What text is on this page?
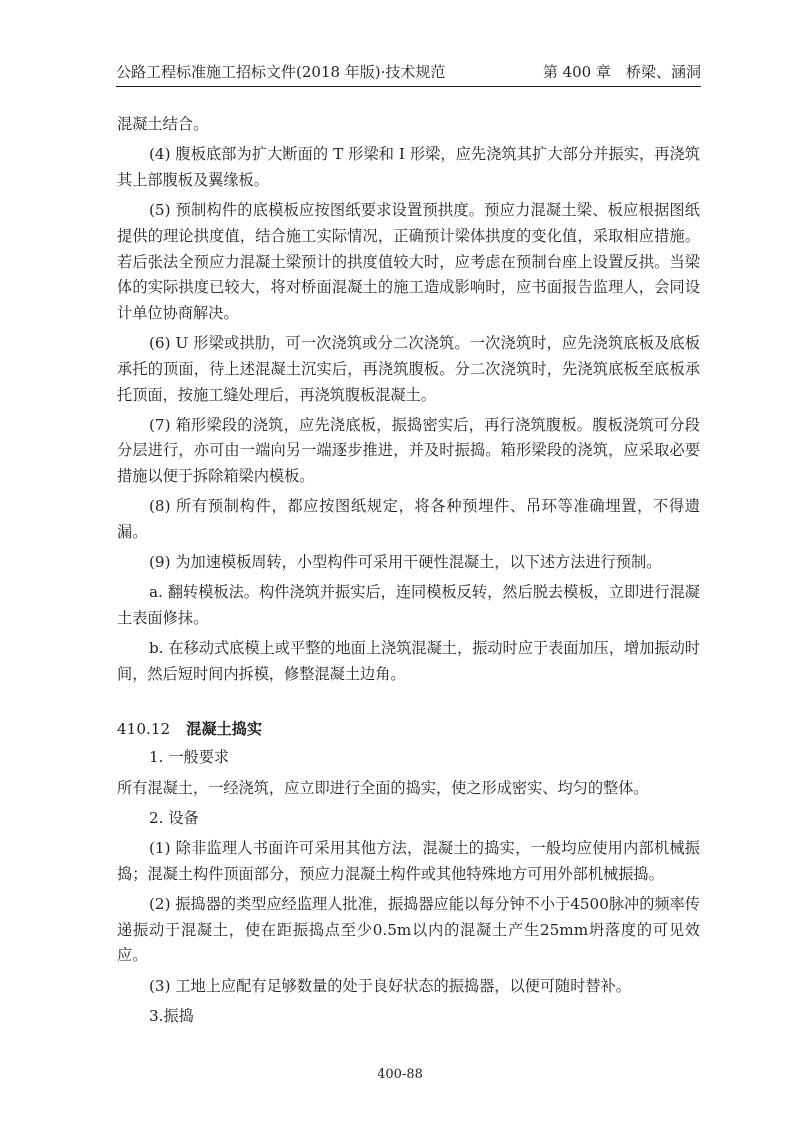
公路工程标准施工招标文件(2018 年版)·技术规范	第 400 章　桥梁、涵洞

混凝土结合。

(4) 腹板底部为扩大断面的 T 形梁和 I 形梁，应先浇筑其扩大部分并振实，再浇筑其上部腹板及翼缘板。

(5) 预制构件的底模板应按图纸要求设置预拱度。预应力混凝土梁、板应根据图纸提供的理论拱度值，结合施工实际情况，正确预计梁体拱度的变化值，采取相应措施。若后张法全预应力混凝土梁预计的拱度值较大时，应考虑在预制台座上设置反拱。当梁体的实际拱度已较大，将对桥面混凝土的施工造成影响时，应书面报告监理人，会同设计单位协商解决。

(6) U 形梁或拱肋，可一次浇筑或分二次浇筑。一次浇筑时，应先浇筑底板及底板承托的顶面，待上述混凝土沉实后，再浇筑腹板。分二次浇筑时，先浇筑底板至底板承托顶面，按施工缝处理后，再浇筑腹板混凝土。

(7) 箱形梁段的浇筑，应先浇底板，振捣密实后，再行浇筑腹板。腹板浇筑可分段分层进行，亦可由一端向另一端逐步推进，并及时振捣。箱形梁段的浇筑，应采取必要措施以便于拆除箱梁内模板。

(8) 所有预制构件，都应按图纸规定，将各种预埋件、吊环等准确埋置，不得遗漏。

(9) 为加速模板周转，小型构件可采用干硬性混凝土，以下述方法进行预制。

a. 翻转模板法。构件浇筑并振实后，连同模板反转，然后脱去模板，立即进行混凝土表面修抹。

b. 在移动式底模上或平整的地面上浇筑混凝土，振动时应于表面加压，增加振动时间，然后短时间内拆模，修整混凝土边角。

410.12 混凝土捣实

1. 一般要求

所有混凝土，一经浇筑，应立即进行全面的捣实，使之形成密实、均匀的整体。

2. 设备

(1) 除非监理人书面许可采用其他方法，混凝土的捣实，一般均应使用内部机械振捣；混凝土构件顶面部分，预应力混凝土构件或其他特殊地方可用外部机械振捣。

(2) 振捣器的类型应经监理人批准，振捣器应能以每分钟不小于4500脉冲的频率传递振动于混凝土，使在距振捣点至少0.5m以内的混凝土产生25mm坍落度的可见效应。

(3) 工地上应配有足够数量的处于良好状态的振捣器，以便可随时替补。

3.振捣

400-88
